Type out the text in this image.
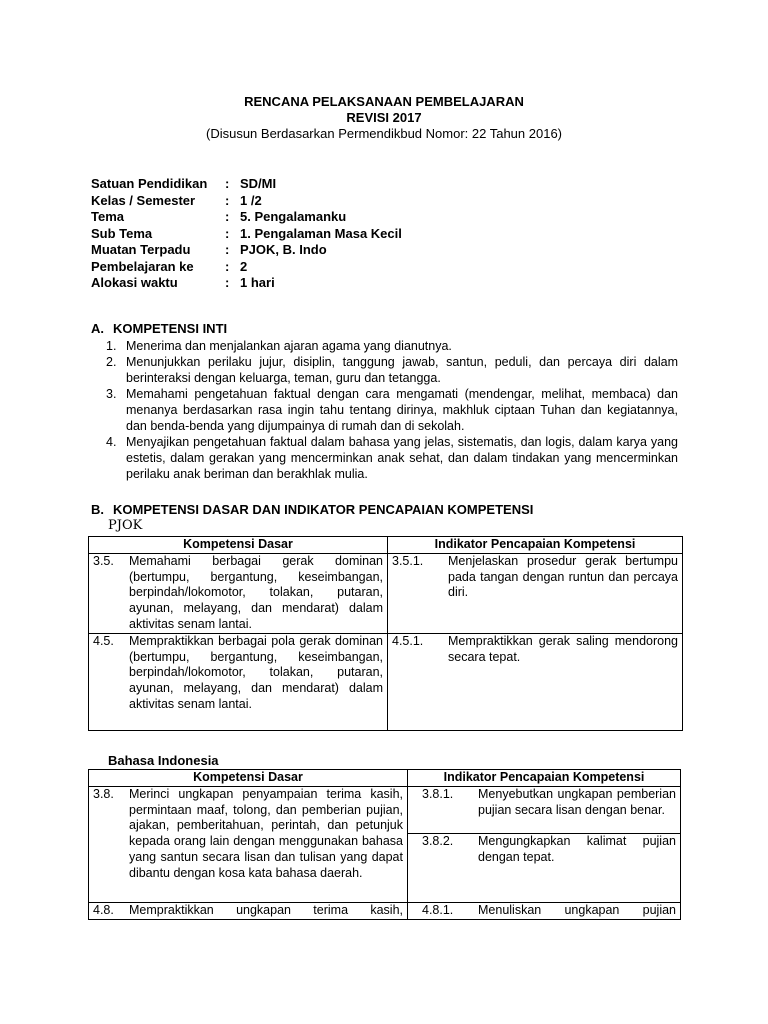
RENCANA PELAKSANAAN PEMBELAJARAN
REVISI 2017
(Disusun Berdasarkan Permendikbud Nomor: 22 Tahun 2016)
Satuan Pendidikan : SD/MI
Kelas / Semester : 1 /2
Tema	: 5. Pengalamanku
Sub Tema	: 1. Pengalaman Masa Kecil
Muatan Terpadu	: PJOK, B. Indo
Pembelajaran ke : 2
Alokasi waktu	: 1 hari
A. KOMPETENSI INTI
1. Menerima dan menjalankan ajaran agama yang dianutnya.
2. Menunjukkan perilaku jujur, disiplin, tanggung jawab, santun, peduli, dan percaya diri dalam berinteraksi dengan keluarga, teman, guru dan tetangga.
3. Memahami pengetahuan faktual dengan cara mengamati (mendengar, melihat, membaca) dan menanya berdasarkan rasa ingin tahu tentang dirinya, makhluk ciptaan Tuhan dan kegiatannya, dan benda-benda yang dijumpainya di rumah dan di sekolah.
4. Menyajikan pengetahuan faktual dalam bahasa yang jelas, sistematis, dan logis, dalam karya yang estetis, dalam gerakan yang mencerminkan anak sehat, dan dalam tindakan yang mencerminkan perilaku anak beriman dan berakhlak mulia.
B. KOMPETENSI DASAR DAN INDIKATOR PENCAPAIAN KOMPETENSI
PJOK
Kompetensi Dasar	Indikator Pencapaian Kompetensi

3.5. Memahami berbagai gerak dominan (bertumpu, bergantung, keseimbangan, berpindah/lokomotor, tolakan, putaran, ayunan, melayang, dan mendarat) dalam aktivitas senam lantai.	3.5.1. Menjelaskan prosedur gerak bertumpu pada tangan dengan runtun dan percaya diri.

4.5. Mempraktikkan berbagai pola gerak dominan (bertumpu, bergantung, keseimbangan, berpindah/lokomotor, tolakan, putaran, ayunan, melayang, dan mendarat) dalam aktivitas senam lantai.	4.5.1. Mempraktikkan gerak saling mendorong secara tepat.
Bahasa Indonesia
Kompetensi Dasar	Indikator Pencapaian Kompetensi

3.8. Merinci ungkapan penyampaian terima kasih, permintaan maaf, tolong, dan pemberian pujian, ajakan, pemberitahuan, perintah, dan petunjuk kepada orang lain dengan menggunakan bahasa yang santun secara lisan dan tulisan yang dapat dibantu dengan kosa kata bahasa daerah.	3.8.1. Menyebutkan ungkapan pemberian pujian secara lisan dengan benar.

	3.8.2. Mengungkapkan kalimat pujian dengan tepat.

4.8. Mempraktikkan ungkapan terima kasih,	4.8.1. Menuliskan ungkapan pujian
